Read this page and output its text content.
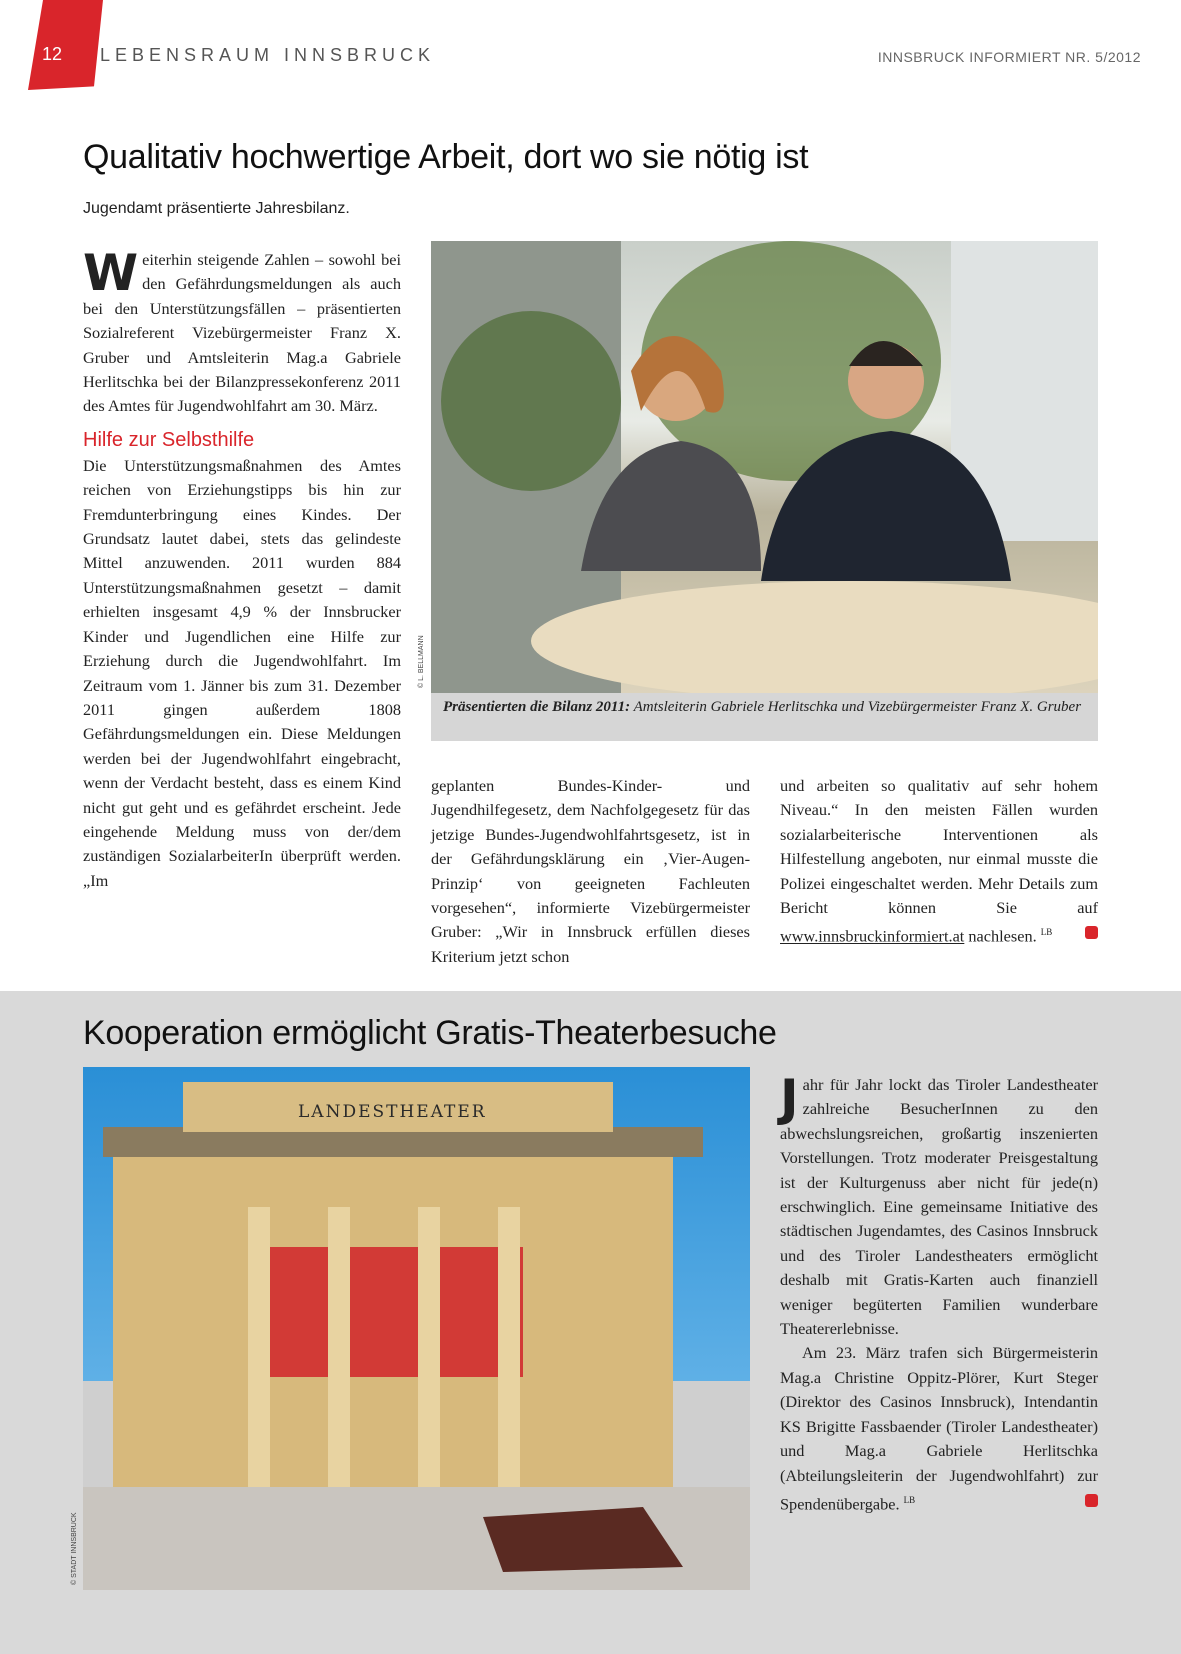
12 LEBENSRAUM INNSBRUCK	INNSBRUCK INFORMIERT NR. 5/2012
Qualitativ hochwertige Arbeit, dort wo sie nötig ist
Jugendamt präsentierte Jahresbilanz.

Weiterhin steigende Zahlen – sowohl bei den Gefährdungsmeldungen als auch bei den Unterstützungsfällen – präsentierten Sozialreferent Vizebürgermeister Franz X. Gruber und Amtsleiterin Mag.a Gabriele Herlitschka bei der Bilanzpressekonferenz 2011 des Amtes für Jugendwohlfahrt am 30. März.

Hilfe zur Selbsthilfe

Die Unterstützungsmaßnahmen des Amtes reichen von Erziehungstipps bis hin zur Fremdunterbringung eines Kindes. Der Grundsatz lautet dabei, stets das gelindeste Mittel anzuwenden. 2011 wurden 884 Unterstützungsmaßnahmen gesetzt – damit erhielten insgesamt 4,9 % der Innsbrucker Kinder und Jugendlichen eine Hilfe zur Erziehung durch die Jugendwohlfahrt. Im Zeitraum vom 1. Jänner bis zum 31. Dezember 2011 gingen außerdem 1808 Gefährdungsmeldungen ein. Diese Meldungen werden bei der Jugendwohlfahrt eingebracht, wenn der Verdacht besteht, dass es einem Kind nicht gut geht und es gefährdet erscheint. Jede eingehende Meldung muss von der/dem zuständigen SozialarbeiterIn überprüft werden. „Im

© L. BELLMANN
Präsentierten die Bilanz 2011: Amtsleiterin Gabriele Herlitschka und Vizebürgermeister Franz X. Gruber

geplanten Bundes-Kinder- und Jugendhilfegesetz, dem Nachfolgegesetz für das jetzige Bundes-Jugendwohlfahrtsgesetz, ist in der Gefährdungsklärung ein ‚Vier-Augen-Prinzip‘ von geeigneten Fachleuten vorgesehen“, informierte Vizebürgermeister Gruber: „Wir in Innsbruck erfüllen dieses Kriterium jetzt schon

und arbeiten so qualitativ auf sehr hohem Niveau.“ In den meisten Fällen wurden sozialarbeiterische Interventionen als Hilfestellung angeboten, nur einmal musste die Polizei eingeschaltet werden. Mehr Details zum Bericht können Sie auf www.innsbruckinformiert.at nachlesen. $^{LB}$

Kooperation ermöglicht Gratis-Theaterbesuche
LANDESTHEATER
© STADT INNSBRUCK

Jahr für Jahr lockt das Tiroler Landestheater zahlreiche BesucherInnen zu den abwechslungsreichen, großartig inszenierten Vorstellungen. Trotz moderater Preisgestaltung ist der Kulturgenuss aber nicht für jede(n) erschwinglich. Eine gemeinsame Initiative des städtischen Jugendamtes, des Casinos Innsbruck und des Tiroler Landestheaters ermöglicht deshalb mit Gratis-Karten auch finanziell weniger begüterten Familien wunderbare Theatererlebnisse.

Am 23. März trafen sich Bürgermeisterin Mag.a Christine Oppitz-Plörer, Kurt Steger (Direktor des Casinos Innsbruck), Intendantin KS Brigitte Fassbaender (Tiroler Landestheater) und Mag.a Gabriele Herlitschka (Abteilungsleiterin der Jugendwohlfahrt) zur Spendenübergabe. $^{LB}$
